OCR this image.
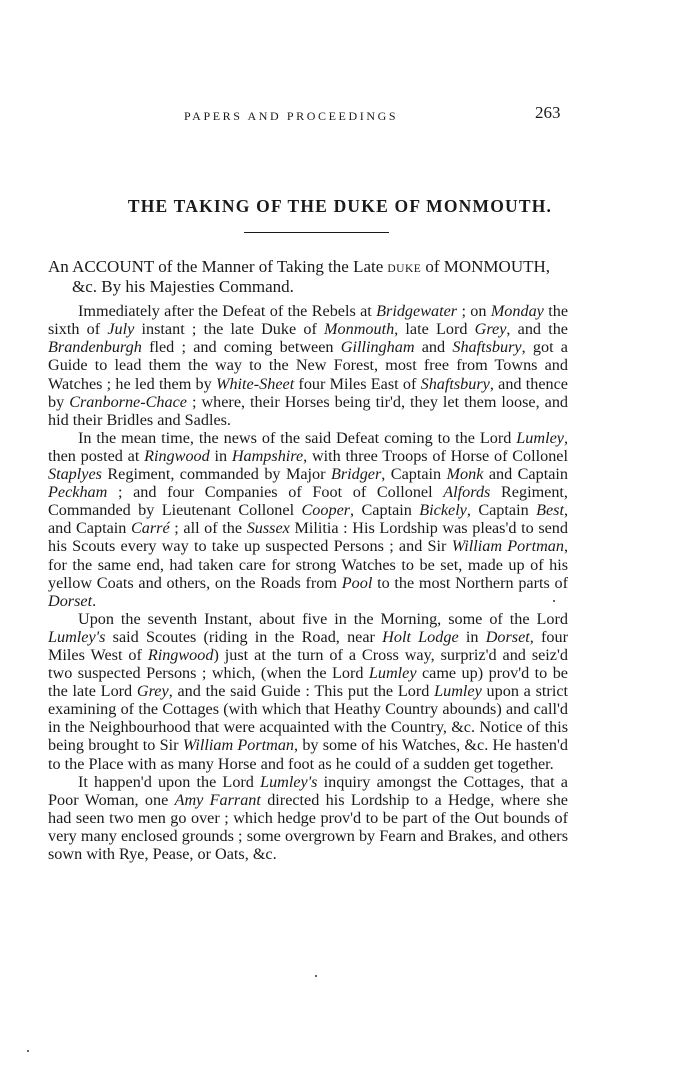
PAPERS AND PROCEEDINGS	263
THE TAKING OF THE DUKE OF MONMOUTH.

An ACCOUNT of the Manner of Taking the Late DUKE of MONMOUTH, &c. By his Majesties Command.

Immediately after the Defeat of the Rebels at Bridgewater ; on Monday the sixth of July instant ; the late Duke of Monmouth, late Lord Grey, and the Brandenburgh fled ; and coming between Gillingham and Shaftsbury, got a Guide to lead them the way to the New Forest, most free from Towns and Watches ; he led them by White-Sheet four Miles East of Shaftsbury, and thence by Cranborne-Chace ; where, their Horses being tir'd, they let them loose, and hid their Bridles and Sadles.

In the mean time, the news of the said Defeat coming to the Lord Lumley, then posted at Ringwood in Hampshire, with three Troops of Horse of Collonel Staplyes Regiment, commanded by Major Bridger, Captain Monk and Captain Peckham ; and four Companies of Foot of Collonel Alfords Regiment, Commanded by Lieutenant Collonel Cooper, Captain Bickely, Captain Best, and Captain Carré ; all of the Sussex Militia : His Lordship was pleas'd to send his Scouts every way to take up suspected Persons ; and Sir William Portman, for the same end, had taken care for strong Watches to be set, made up of his yellow Coats and others, on the Roads from Pool to the most Northern parts of Dorset.

Upon the seventh Instant, about five in the Morning, some of the Lord Lumley's said Scoutes (riding in the Road, near Holt Lodge in Dorset, four Miles West of Ringwood) just at the turn of a Cross way, surpriz'd and seiz'd two suspected Persons ; which, (when the Lord Lumley came up) prov'd to be the late Lord Grey, and the said Guide : This put the Lord Lumley upon a strict examining of the Cottages (with which that Heathy Country abounds) and call'd in the Neighbourhood that were acquainted with the Country, &c. Notice of this being brought to Sir William Portman, by some of his Watches, &c. He hasten'd to the Place with as many Horse and foot as he could of a sudden get together.

It happen'd upon the Lord Lumley's inquiry amongst the Cottages, that a Poor Woman, one Amy Farrant directed his Lordship to a Hedge, where she had seen two men go over ; which hedge prov'd to be part of the Out bounds of very many enclosed grounds ; some overgrown by Fearn and Brakes, and others sown with Rye, Pease, or Oats, &c.
